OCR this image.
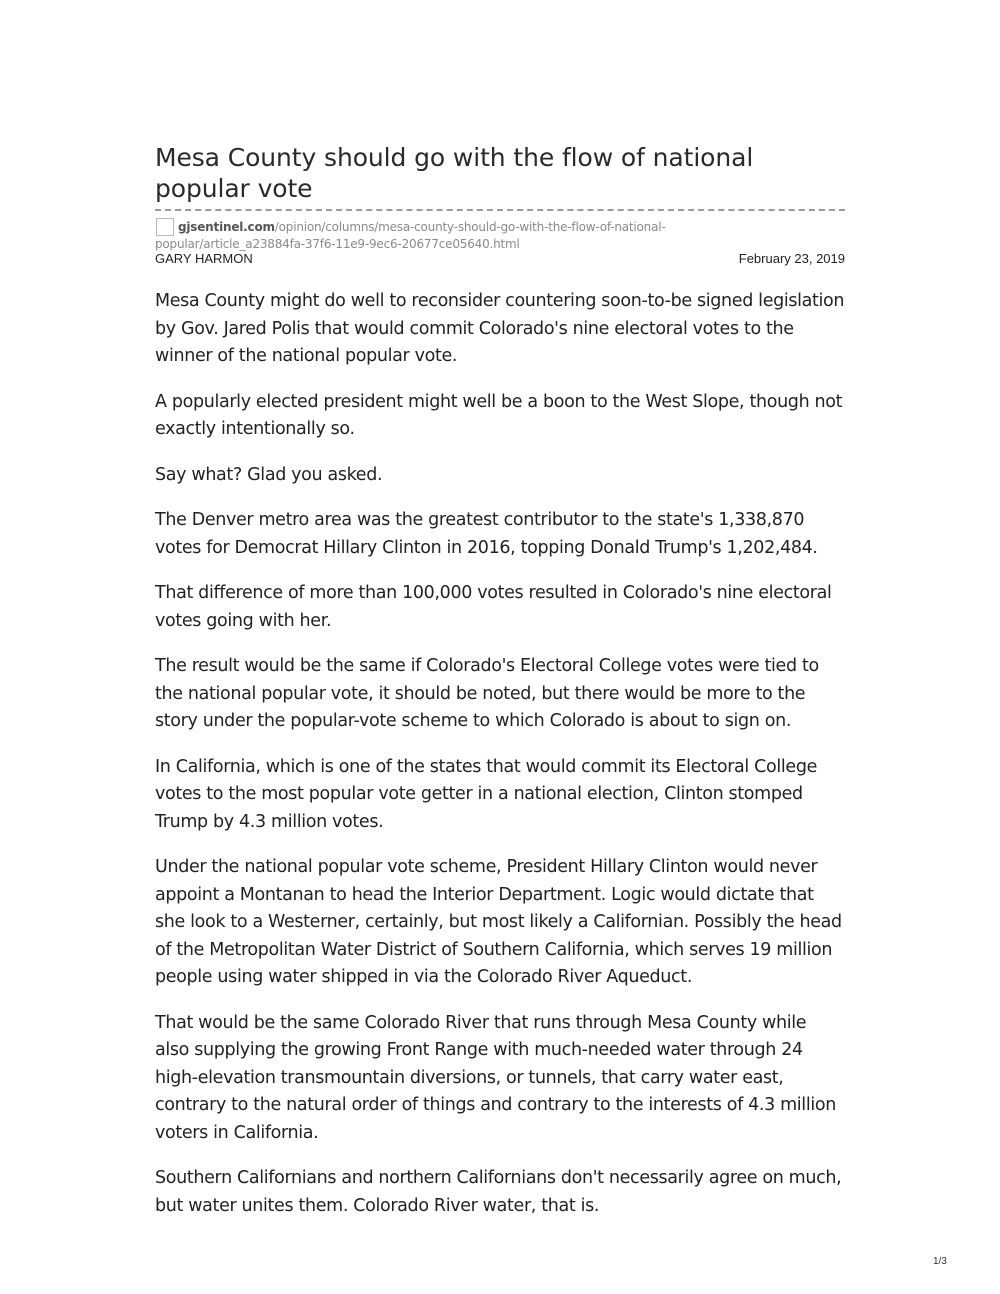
Mesa County should go with the flow of national popular vote
gjsentinel.com/opinion/columns/mesa-county-should-go-with-the-flow-of-national-
popular/article_a23884fa-37f6-11e9-9ec6-20677ce05640.html
GARY HARMON	February 23, 2019

Mesa County might do well to reconsider countering soon-to-be signed legislation by Gov. Jared Polis that would commit Colorado's nine electoral votes to the winner of the national popular vote.

A popularly elected president might well be a boon to the West Slope, though not exactly intentionally so.

Say what? Glad you asked.

The Denver metro area was the greatest contributor to the state's 1,338,870 votes for Democrat Hillary Clinton in 2016, topping Donald Trump's 1,202,484.

That difference of more than 100,000 votes resulted in Colorado's nine electoral votes going with her.

The result would be the same if Colorado's Electoral College votes were tied to the national popular vote, it should be noted, but there would be more to the story under the popular-vote scheme to which Colorado is about to sign on.

In California, which is one of the states that would commit its Electoral College votes to the most popular vote getter in a national election, Clinton stomped Trump by 4.3 million votes.

Under the national popular vote scheme, President Hillary Clinton would never appoint a Montanan to head the Interior Department. Logic would dictate that she look to a Westerner, certainly, but most likely a Californian. Possibly the head of the Metropolitan Water District of Southern California, which serves 19 million people using water shipped in via the Colorado River Aqueduct.

That would be the same Colorado River that runs through Mesa County while also supplying the growing Front Range with much-needed water through 24 high-elevation transmountain diversions, or tunnels, that carry water east, contrary to the natural order of things and contrary to the interests of 4.3 million voters in California.

Southern Californians and northern Californians don't necessarily agree on much, but water unites them. Colorado River water, that is.

1/3
